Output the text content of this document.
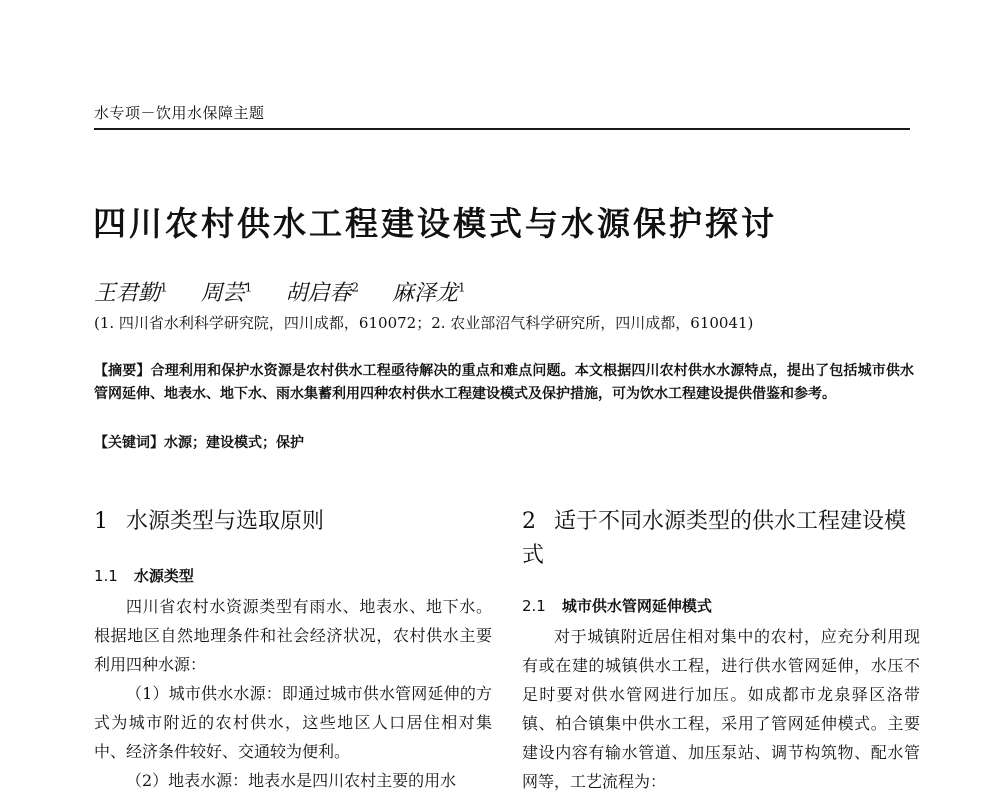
水专项－饮用水保障主题
四川农村供水工程建设模式与水源保护探讨
王君勤$^1$ 周芸$^1$ 胡启春$^2$ 麻泽龙$^1$
(1. 四川省水利科学研究院，四川成都，610072；2. 农业部沼气科学研究所，四川成都，610041)
【摘要】合理利用和保护水资源是农村供水工程亟待解决的重点和难点问题。本文根据四川农村供水水源特点，提出了包括城市供水管网延伸、地表水、地下水、雨水集蓄利用四种农村供水工程建设模式及保护措施，可为饮水工程建设提供借鉴和参考。
【关键词】水源；建设模式；保护
1 水源类型与选取原则
1.1 水源类型

四川省农村水资源类型有雨水、地表水、地下水。根据地区自然地理条件和社会经济状况，农村供水主要利用四种水源：

（1）城市供水水源：即通过城市供水管网延伸的方式为城市附近的农村供水，这些地区人口居住相对集中、经济条件较好、交通较为便利。

（2）地表水源：地表水是四川农村主要的用水

2 适于不同水源类型的供水工程建设模式
2.1 城市供水管网延伸模式

对于城镇附近居住相对集中的农村，应充分利用现有或在建的城镇供水工程，进行供水管网延伸，水压不足时要对供水管网进行加压。如成都市龙泉驿区洛带镇、柏合镇集中供水工程，采用了管网延伸模式。主要建设内容有输水管道、加压泵站、调节构筑物、配水管网等，工艺流程为：
